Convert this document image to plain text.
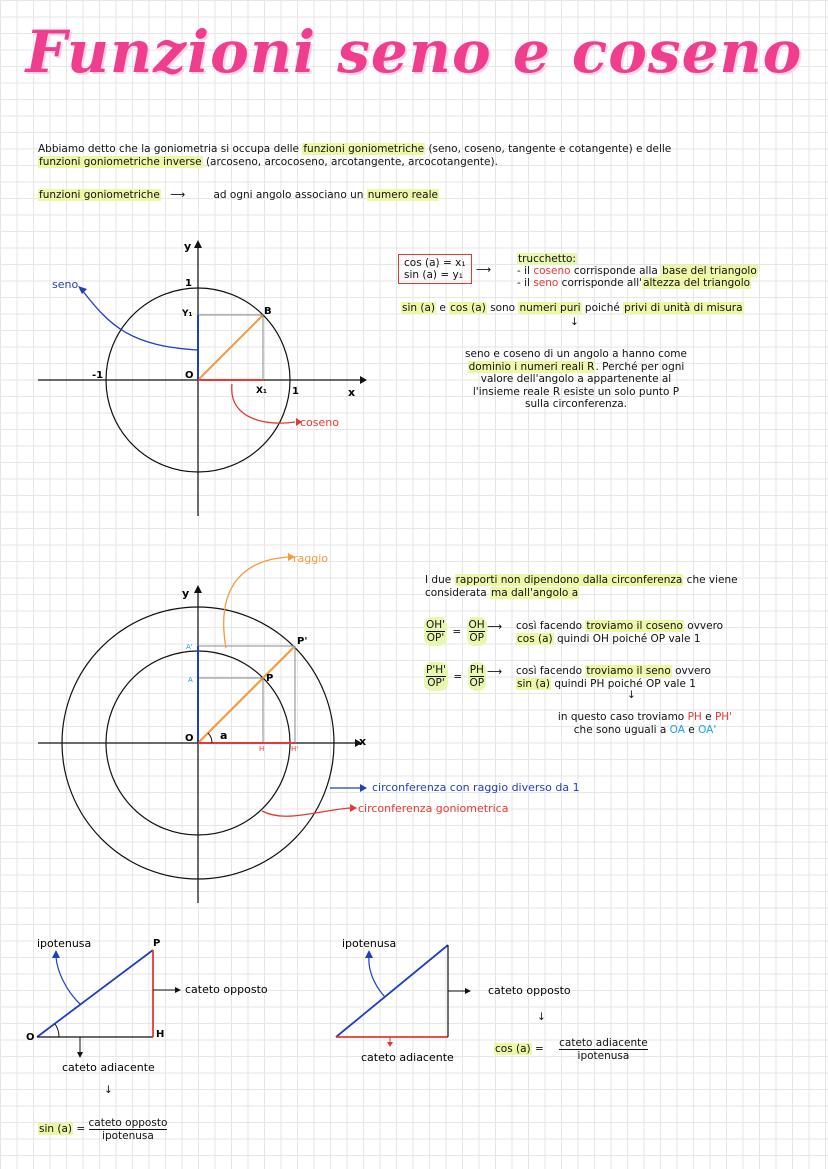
Funzioni seno e coseno
Abbiamo detto che la goniometria si occupa delle funzioni goniometriche (seno, coseno, tangente e cotangente) e delle
funzioni goniometriche inverse (arcoseno, arcocoseno, arcotangente, arcocotangente).
funzioni goniometriche ⟶	ad ogni angolo associano un numero reale
y
x
1
1
-1	O
B
Y₁
X₁
seno
coseno
cos (a) = x₁
sin (a) = y₁ ⟶
trucchetto:
- il coseno corrisponde alla base del triangolo
- il seno corrisponde all'altezza del triangolo
sin (a) e cos (a) sono numeri puri poiché privi di unità di misura
↓
seno e coseno di un angolo a hanno come
dominio i numeri reali R. Perché per ogni
valore dell'angolo a appartenente al
l'insieme reale R esiste un solo punto P
sulla circonferenza.
raggio
y
x
O
P
P'
A
A'
H	H'
a
circonferenza con raggio diverso da 1
circonferenza goniometrica
I due rapporti non dipendono dalla circonferenza che viene
considerata ma dall'angolo a
$\frac{OH'}{OP'} = \frac{OH}{OP}$ ⟶ così facendo troviamo il coseno ovvero
cos (a) quindi OH poiché OP vale 1
$\frac{P'H'}{OP'} = \frac{PH}{OP}$ ⟶ così facendo troviamo il seno ovvero
sin (a) quindi PH poiché OP vale 1
↓
in questo caso troviamo PH e PH'
che sono uguali a OA e OA'
ipotenusa	P
O	H
cateto opposto
cateto adiacente
↓
$\sin (a) = \frac{\text{cateto opposto}}{\text{ipotenusa}}$
ipotenusa
cateto opposto
cateto adiacente
↓
$\cos (a) = \frac{\text{cateto adiacente}}{\text{ipotenusa}}$
